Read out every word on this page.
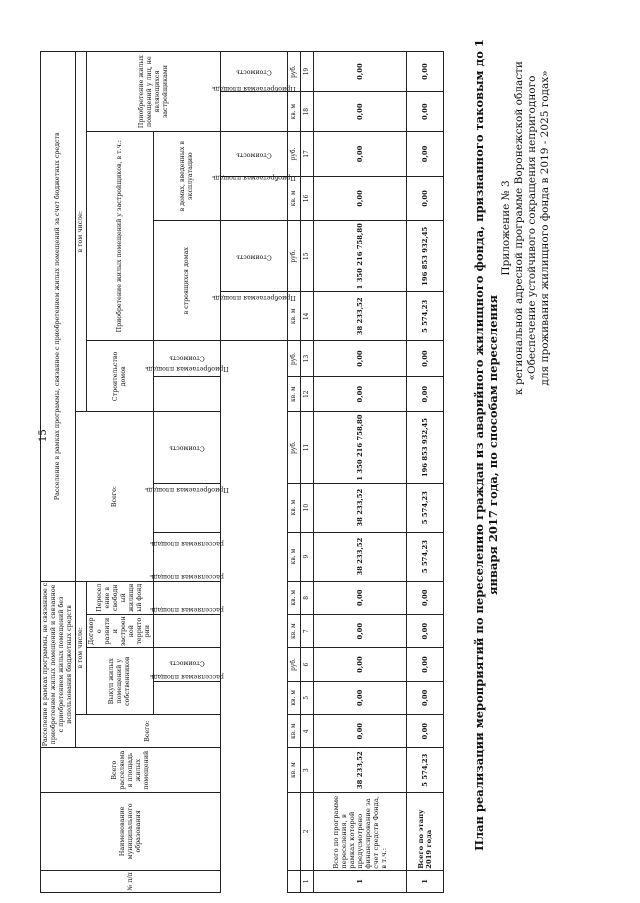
15
Приложение № 3 к региональной адресной программе Воронежской области «Обеспечение устойчивого сокращения непригодного для проживания жилищного фонда в 2019 - 2025 годах»
План реализации мероприятий по переселению граждан из аварийного жилищного фонда, признанного таковым до 1 января 2017 года, по способам переселения
№ п/п	Наименование муниципального образования	Всего расселяемая площадь жилых помещений	Расселение в рамках программы, не связанное с приобретением жилых помещений и связанное с приобретением жилых помещений без использования бюджетных средств					Расселение в рамках программы, связанное с приобретением жилых помещений за счет бюджетных средств										
			Всего:	в том числе:				Всего:			в том числе:							
				Выкуп жилых помещений у собственников		Договор о развитии застроенной территории	Переселение в свободный жилищный фонд				Строительство домов		Приобретение жилых помещений у застройщиков, в т.ч.:				Приобретение жилых помещений у лиц, не являющихся застройщиками	
				расселяемая площадь	Стоимость	расселяемая площадь	расселяемая площадь	расселяемая площадь	Приобретаемая площадь	Стоимость	Приобретаемая площадь	Стоимость	в строящихся домах		в домах, введенных в эксплуатацию			
													Приобретаемая площадь	Стоимость	Приобретаемая площадь	Стоимость	Приобретаемая площадь	Стоимость
		кв. м	кв. м	кв. м	руб.	кв. м	кв. м	кв. м	кв. м	руб.	кв. м	руб.	кв. м	руб.	кв. м	руб.	кв. м	руб.
1	2	3	4	5	6	7	8	9	10	11	12	13	14	15	16	17	18	19
1	Всего по программе переселения, в рамках которой предусмотрено финансирование за счет средств Фонда, в т.ч.:	38 233,52	0,00	0,00	0,00	0,00	0,00	38 233,52	38 233,52	1 350 216 758,80	0,00	0,00	38 233,52	1 350 216 758,80	0,00	0,00	0,00	0,00
1	Всего по этапу 2019 года	5 574,23	0,00	0,00	0,00	0,00	0,00	5 574,23	5 574,23	196 853 932,45	0,00	0,00	5 574,23	196 853 932,45	0,00	0,00	0,00	0,00
